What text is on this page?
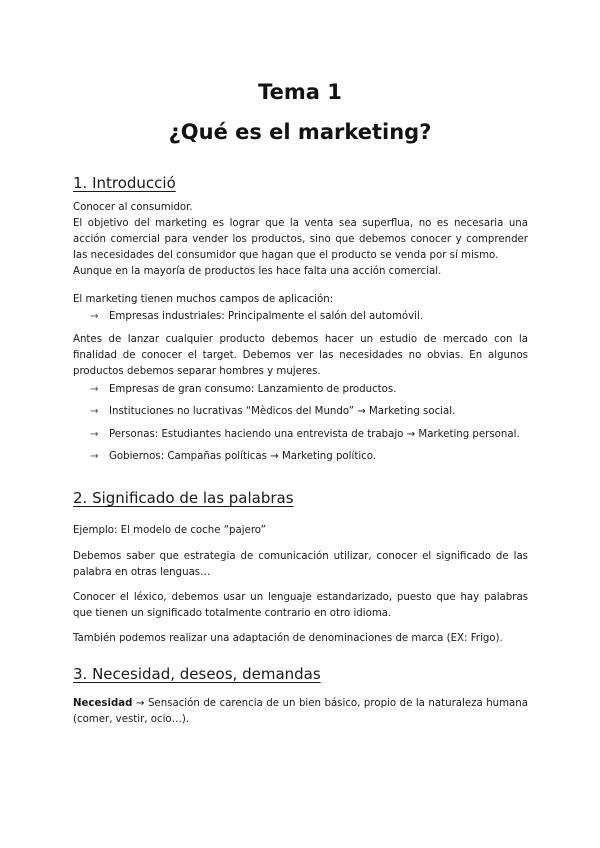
Tema 1
¿Qué es el marketing?
1. Introducció
Conocer al consumidor.
El objetivo del marketing es lograr que la venta sea superflua, no es necesaria una acción comercial para vender los productos, sino que debemos conocer y comprender las necesidades del consumidor que hagan que el producto se venda por sí mismo.
Aunque en la mayoría de productos les hace falta una acción comercial.
El marketing tienen muchos campos de aplicación:
→ Empresas industriales: Principalmente el salón del automóvil.
Antes de lanzar cualquier producto debemos hacer un estudio de mercado con la finalidad de conocer el target. Debemos ver las necesidades no obvias. En algunos productos debemos separar hombres y mujeres.
→ Empresas de gran consumo: Lanzamiento de productos.
→ Instituciones no lucrativas “Mèdicos del Mundo” → Marketing social.
→ Personas: Estudiantes haciendo una entrevista de trabajo → Marketing personal.
→ Gobiernos: Campañas políticas → Marketing político.
2. Significado de las palabras
Ejemplo: El modelo de coche “pajero”
Debemos saber que estrategia de comunicación utilizar, conocer el significado de las palabra en otras lenguas…
Conocer el léxico, debemos usar un lenguaje estandarizado, puesto que hay palabras que tienen un significado totalmente contrario en otro idioma.
También podemos realizar una adaptación de denominaciones de marca (EX: Frigo).
3. Necesidad, deseos, demandas
Necesidad → Sensación de carencia de un bien básico, propio de la naturaleza humana (comer, vestir, ocio…).
